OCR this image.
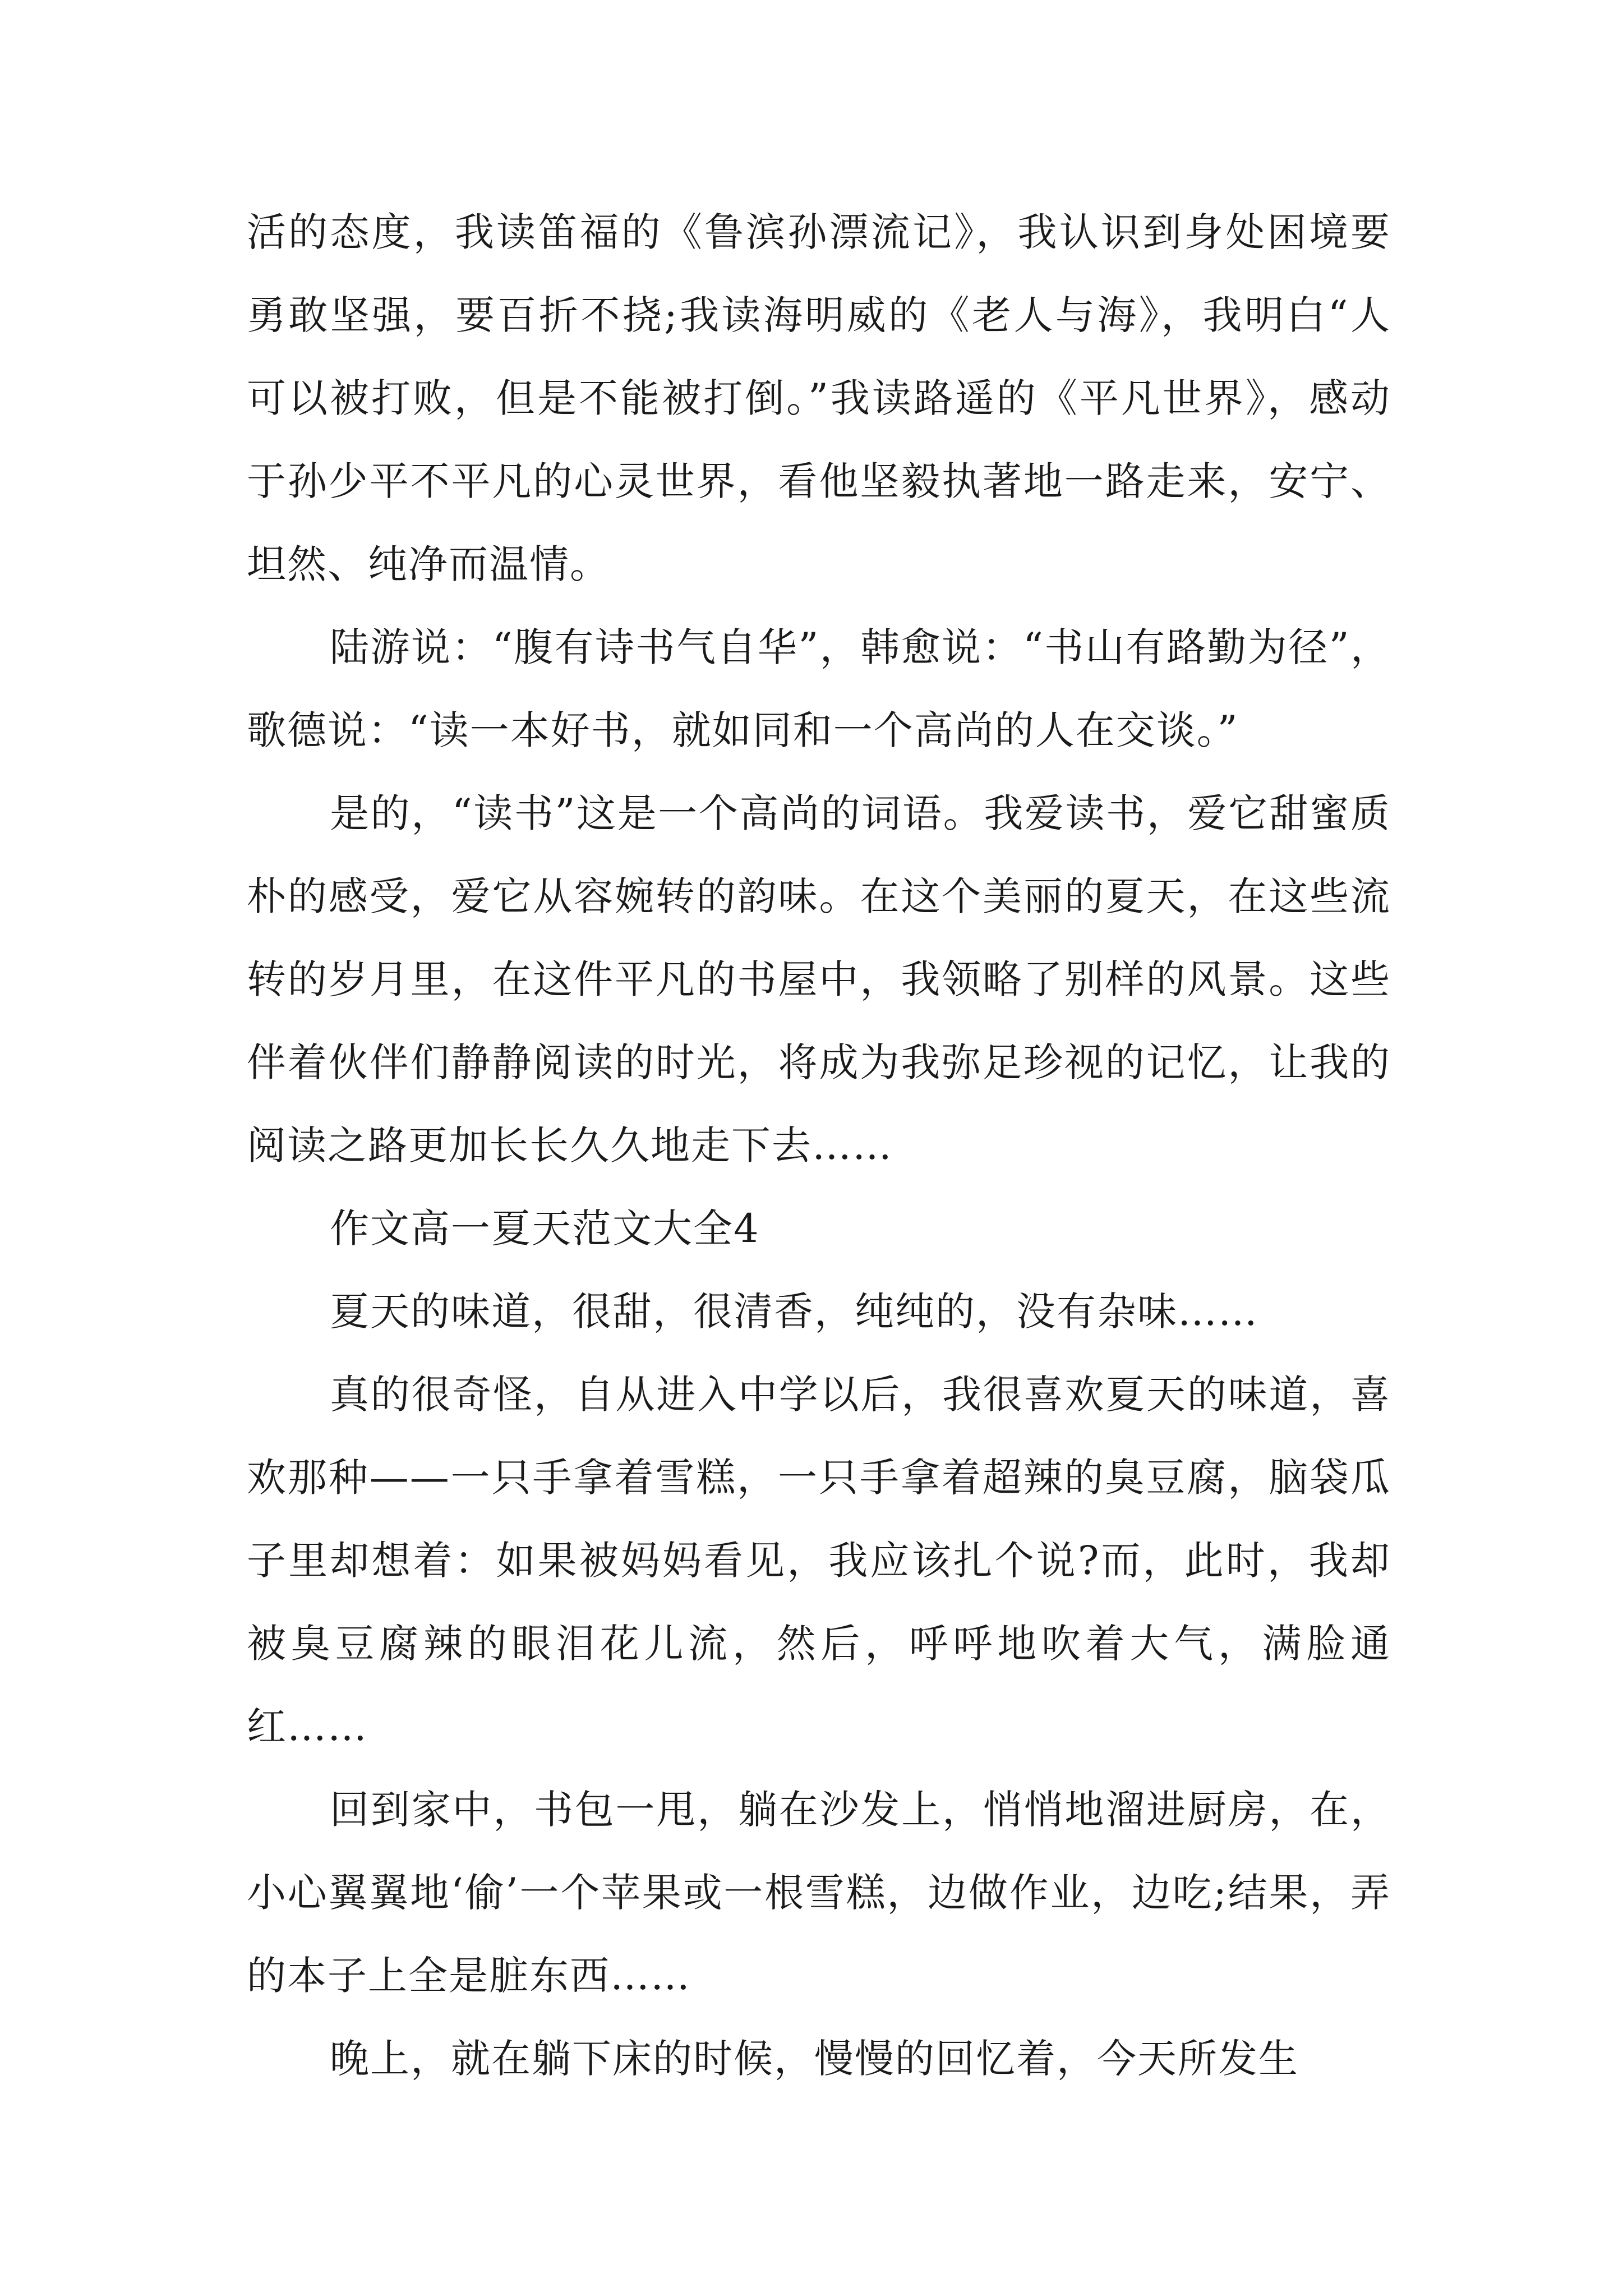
活的态度，我读笛福的《鲁滨孙漂流记》，我认识到身处困境要勇敢坚强，要百折不挠;我读海明威的《老人与海》，我明白“人可以被打败，但是不能被打倒。”我读路遥的《平凡世界》，感动于孙少平不平凡的心灵世界，看他坚毅执著地一路走来，安宁、坦然、纯净而温情。

陆游说：“腹有诗书气自华”，韩愈说：“书山有路勤为径”，歌德说：“读一本好书，就如同和一个高尚的人在交谈。”

是的，“读书”这是一个高尚的词语。我爱读书，爱它甜蜜质朴的感受，爱它从容婉转的韵味。在这个美丽的夏天，在这些流转的岁月里，在这件平凡的书屋中，我领略了别样的风景。这些伴着伙伴们静静阅读的时光，将成为我弥足珍视的记忆，让我的阅读之路更加长长久久地走下去……

作文高一夏天范文大全4

夏天的味道，很甜，很清香，纯纯的，没有杂味……

真的很奇怪，自从进入中学以后，我很喜欢夏天的味道，喜欢那种——一只手拿着雪糕，一只手拿着超辣的臭豆腐，脑袋瓜子里却想着：如果被妈妈看见，我应该扎个说?而，此时，我却被臭豆腐辣的眼泪花儿流，然后，呼呼地吹着大气，满脸通红……

回到家中，书包一甩，躺在沙发上，悄悄地溜进厨房，在，小心翼翼地‘偷’一个苹果或一根雪糕，边做作业，边吃;结果，弄的本子上全是脏东西……

晚上，就在躺下床的时候，慢慢的回忆着，今天所发生
